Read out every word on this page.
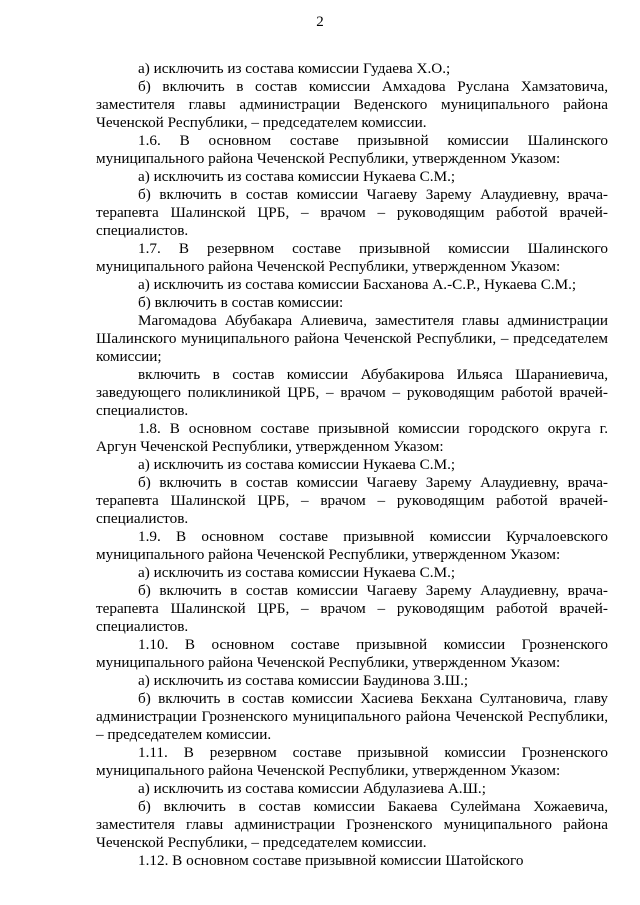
2

а) исключить из состава комиссии Гудаева Х.О.;

б) включить в состав комиссии Амхадова Руслана Хамзатовича, заместителя главы администрации Веденского муниципального района Чеченской Республики, – председателем комиссии.

1.6. В основном составе призывной комиссии Шалинского муниципального района Чеченской Республики, утвержденном Указом:

а) исключить из состава комиссии Нукаева С.М.;

б) включить в состав комиссии Чагаеву Зарему Алаудиевну, врача-терапевта Шалинской ЦРБ, – врачом – руководящим работой врачей-специалистов.

1.7. В резервном составе призывной комиссии Шалинского муниципального района Чеченской Республики, утвержденном Указом:

а) исключить из состава комиссии Басханова А.-С.Р., Нукаева С.М.;

б) включить в состав комиссии:

Магомадова Абубакара Алиевича, заместителя главы администрации Шалинского муниципального района Чеченской Республики, – председателем комиссии;

включить в состав комиссии Абубакирова Ильяса Шараниевича, заведующего поликлиникой ЦРБ, – врачом – руководящим работой врачей-специалистов.

1.8. В основном составе призывной комиссии городского округа г. Аргун Чеченской Республики, утвержденном Указом:

а) исключить из состава комиссии Нукаева С.М.;

б) включить в состав комиссии Чагаеву Зарему Алаудиевну, врача-терапевта Шалинской ЦРБ, – врачом – руководящим работой врачей-специалистов.

1.9. В основном составе призывной комиссии Курчалоевского муниципального района Чеченской Республики, утвержденном Указом:

а) исключить из состава комиссии Нукаева С.М.;

б) включить в состав комиссии Чагаеву Зарему Алаудиевну, врача-терапевта Шалинской ЦРБ, – врачом – руководящим работой врачей-специалистов.

1.10. В основном составе призывной комиссии Грозненского муниципального района Чеченской Республики, утвержденном Указом:

а) исключить из состава комиссии Баудинова З.Ш.;

б) включить в состав комиссии Хасиева Бекхана Султановича, главу администрации Грозненского муниципального района Чеченской Республики, – председателем комиссии.

1.11. В резервном составе призывной комиссии Грозненского муниципального района Чеченской Республики, утвержденном Указом:

а) исключить из состава комиссии Абдулазиева А.Ш.;

б) включить в состав комиссии Бакаева Сулеймана Хожаевича, заместителя главы администрации Грозненского муниципального района Чеченской Республики, – председателем комиссии.

1.12. В основном составе призывной комиссии Шатойского
